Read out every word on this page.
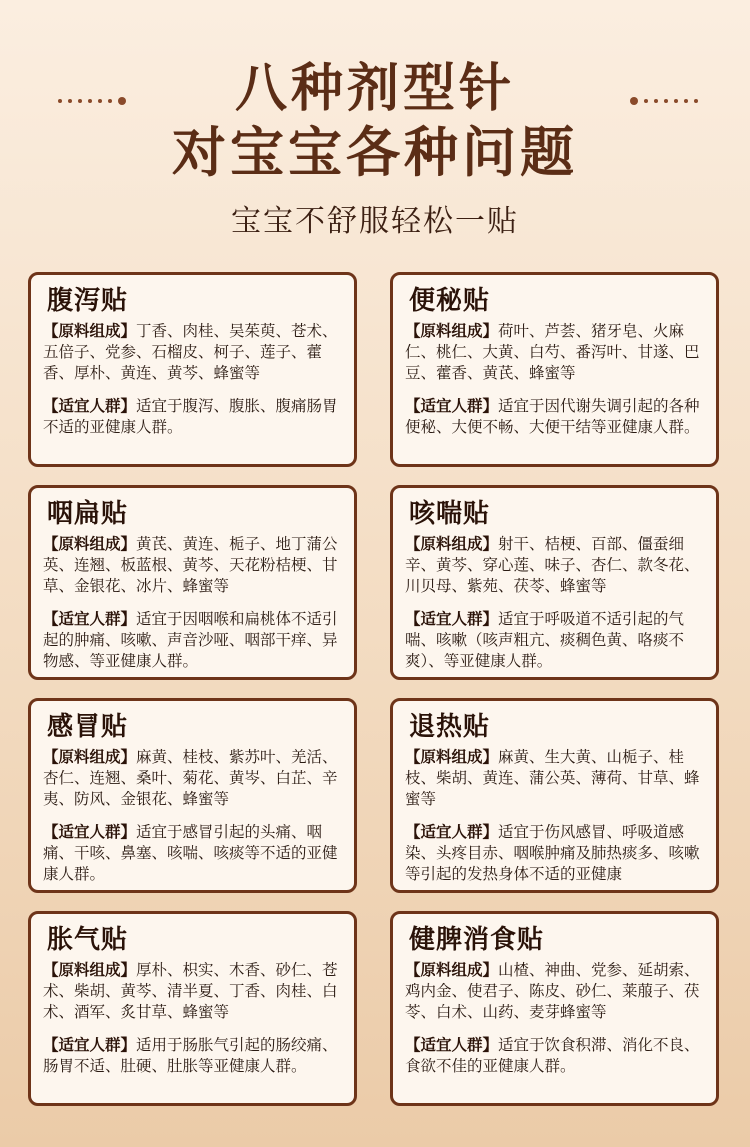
八种剂型针
对宝宝各种问题
宝宝不舒服轻松一贴
腹泻贴
【原料组成】丁香、肉桂、吴茱萸、苍术、五倍子、党参、石榴皮、柯子、莲子、藿香、厚朴、黄连、黄芩、蜂蜜等
【适宜人群】适宜于腹泻、腹胀、腹痛肠胃不适的亚健康人群。
便秘贴
【原料组成】荷叶、芦荟、猪牙皂、火麻仁、桃仁、大黄、白芍、番泻叶、甘遂、巴豆、藿香、黄芪、蜂蜜等
【适宜人群】适宜于因代谢失调引起的各种便秘、大便不畅、大便干结等亚健康人群。
咽扁贴
【原料组成】黄芪、黄连、栀子、地丁蒲公英、连翘、板蓝根、黄芩、天花粉桔梗、甘草、金银花、冰片、蜂蜜等
【适宜人群】适宜于因咽喉和扁桃体不适引起的肿痛、咳嗽、声音沙哑、咽部干痒、异物感、等亚健康人群。
咳喘贴
【原料组成】射干、桔梗、百部、僵蚕细辛、黄芩、穿心莲、味子、杏仁、款冬花、川贝母、紫苑、茯苓、蜂蜜等
【适宜人群】适宜于呼吸道不适引起的气喘、咳嗽（咳声粗亢、痰稠色黄、咯痰不爽）、等亚健康人群。
感冒贴
【原料组成】麻黄、桂枝、紫苏叶、羌活、杏仁、连翘、桑叶、菊花、黄岑、白芷、辛夷、防风、金银花、蜂蜜等
【适宜人群】适宜于感冒引起的头痛、咽痛、干咳、鼻塞、咳喘、咳痰等不适的亚健康人群。
退热贴
【原料组成】麻黄、生大黄、山栀子、桂枝、柴胡、黄连、蒲公英、薄荷、甘草、蜂蜜等
【适宜人群】适宜于伤风感冒、呼吸道感染、头疼目赤、咽喉肿痛及肺热痰多、咳嗽等引起的发热身体不适的亚健康
胀气贴
【原料组成】厚朴、枳实、木香、砂仁、苍术、柴胡、黄芩、清半夏、丁香、肉桂、白术、酒军、炙甘草、蜂蜜等
【适宜人群】适用于肠胀气引起的肠绞痛、肠胃不适、肚硬、肚胀等亚健康人群。
健脾消食贴
【原料组成】山楂、神曲、党参、延胡索、鸡内金、使君子、陈皮、砂仁、莱菔子、茯苓、白术、山药、麦芽蜂蜜等
【适宜人群】适宜于饮食积滞、消化不良、食欲不佳的亚健康人群。
